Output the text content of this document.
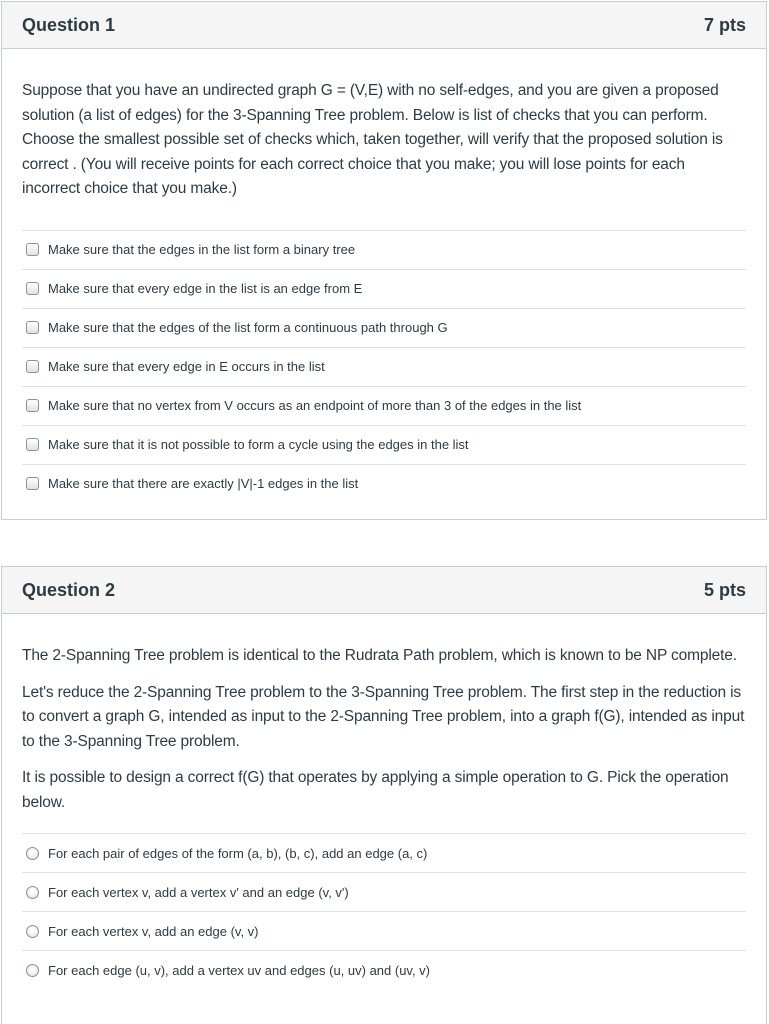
Question 1	7 pts

Suppose that you have an undirected graph G = (V,E) with no self-edges, and you are given a proposed solution (a list of edges) for the 3-Spanning Tree problem. Below is list of checks that you can perform. Choose the smallest possible set of checks which, taken together, will verify that the proposed solution is correct . (You will receive points for each correct choice that you make; you will lose points for each incorrect choice that you make.)

Make sure that the edges in the list form a binary tree
Make sure that every edge in the list is an edge from E
Make sure that the edges of the list form a continuous path through G
Make sure that every edge in E occurs in the list
Make sure that no vertex from V occurs as an endpoint of more than 3 of the edges in the list
Make sure that it is not possible to form a cycle using the edges in the list
Make sure that there are exactly |V|-1 edges in the list
Question 2	5 pts

The 2-Spanning Tree problem is identical to the Rudrata Path problem, which is known to be NP complete.

Let's reduce the 2-Spanning Tree problem to the 3-Spanning Tree problem. The first step in the reduction is to convert a graph G, intended as input to the 2-Spanning Tree problem, into a graph f(G), intended as input to the 3-Spanning Tree problem.

It is possible to design a correct f(G) that operates by applying a simple operation to G. Pick the operation below.

For each pair of edges of the form (a, b), (b, c), add an edge (a, c)
For each vertex v, add a vertex v' and an edge (v, v')
For each vertex v, add an edge (v, v)
For each edge (u, v), add a vertex uv and edges (u, uv) and (uv, v)
